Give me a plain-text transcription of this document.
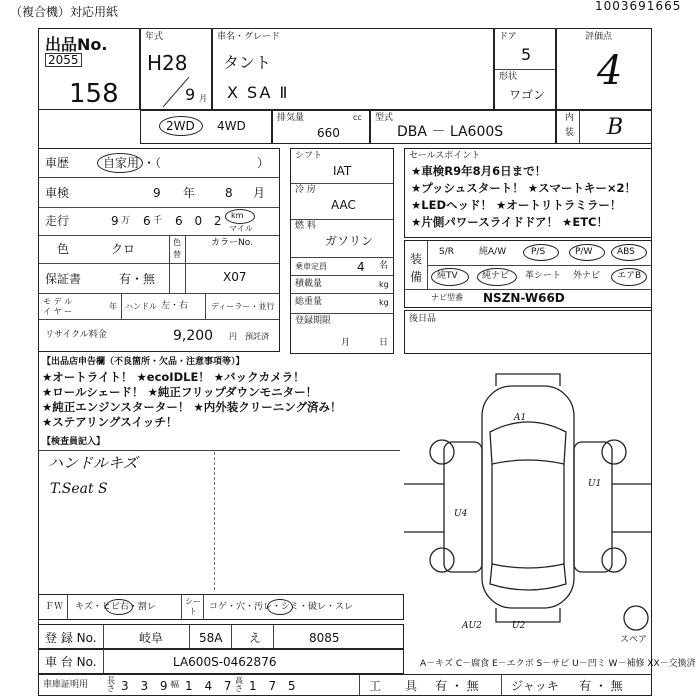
（複合機）対応用紙	1003691665
出品No.
2055
158
年式
H28
9 月
車名・グレード
タント
X SA Ⅱ
ドア
5
形状
ワゴン
評価点
4
2WD 4WD
排気量	cc
660
型式
DBA － LA600S
内
装 B
車歴	自家用 ・（　　　　　　　　）
車検	9 年 8 月
走行	9 万 6 千 6 0 2 km
マイル
色	クロ	色
替
カラーNo.
X07
保証書	有・無
モ デ ル
イ ヤ ー
年 ハンドル 左・右	ディーラー・並行
リサイクル料金	9,200 円 預託済
シフト
IAT
冷 房
AAC
燃 料
ガソリン
乗車定員	4 名
積載量	kg
総重量	kg
登録期限
月	日
セールスポイント
★車検R9年8月6日まで！
★プッシュスタート！ ★スマートキー×2！
★LEDヘッド！ ★オートリトラミラー！
★片側パワースライドドア！ ★ETC！
装
備
S/R	純A/W	P/S	P/W	ABS
純TV	純ナビ 革シート 外ナビ エアB
ナビ型番 NSZN-W66D
後日品
【出品店申告欄（不良箇所・欠品・注意事項等）】
★オートライト！ ★ecoIDLE！ ★バックカメラ！
★ロールシェード！ ★純正フリップダウンモニター！
★純正エンジンスターター！ ★内外装クリーニング済み！
★ステアリングスイッチ！
【検査員記入】
ハンドルキズ
T.Seat S
A1
U1
U4
AU2	U2
スペア
ＦＷ キズ・ヒビ右・割レ
シー
ト コゲ・穴・汚レ・シミ・破レ・スレ
登 録 No.	岐阜	58A え	8085
車 台 No.	LA600S-0462876	A－キズ C－腐食 E－エクボ S－サビ U－凹ミ W－補修 XX－交換済
車庫証明用 長さ 3 3 9 幅 1 4 7 高さ 1 7 5	工　　具 有 ・ 無	ジャッキ 有 ・ 無
